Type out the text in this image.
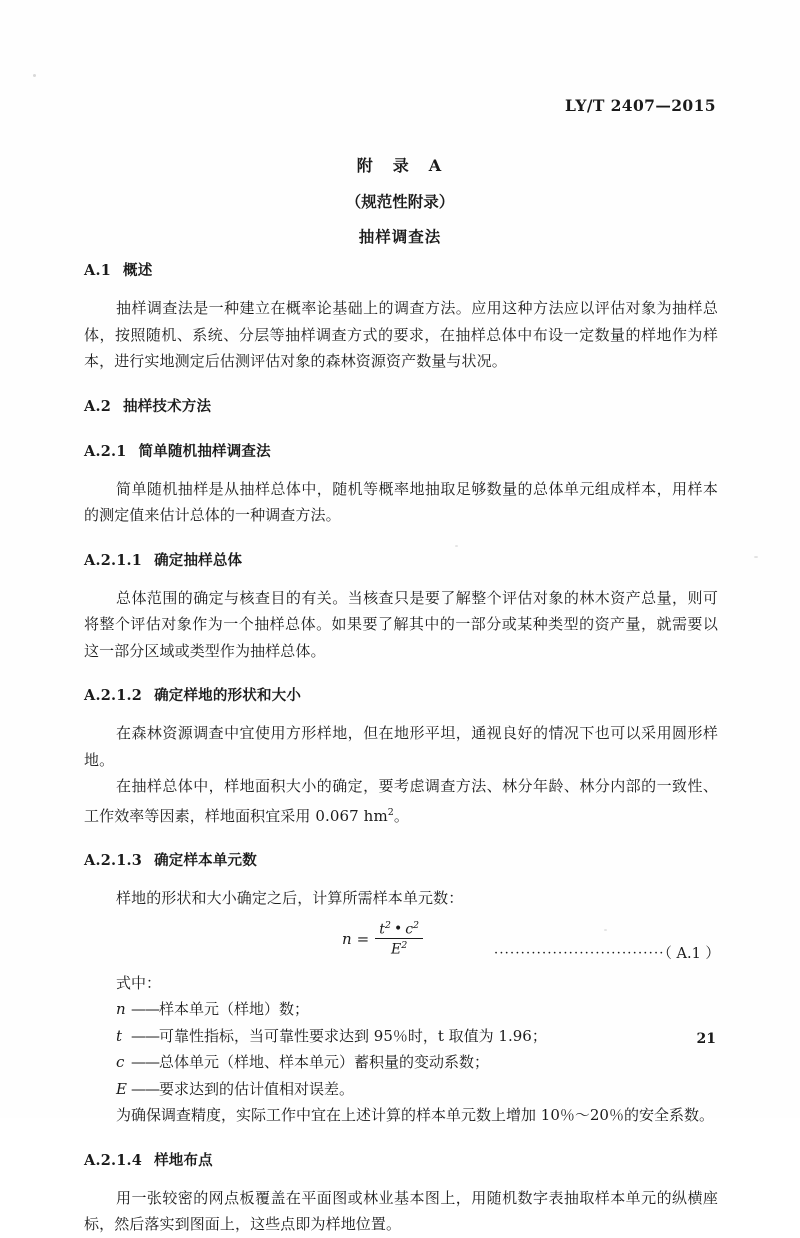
LY/T 2407—2015
附　录　A
（规范性附录）
抽样调查法
A.1 概述

抽样调查法是一种建立在概率论基础上的调查方法。应用这种方法应以评估对象为抽样总体，按照随机、系统、分层等抽样调查方式的要求，在抽样总体中布设一定数量的样地作为样本，进行实地测定后估测评估对象的森林资源资产数量与状况。

A.2 抽样技术方法
A.2.1 简单随机抽样调查法

简单随机抽样是从抽样总体中，随机等概率地抽取足够数量的总体单元组成样本，用样本的测定值来估计总体的一种调查方法。

A.2.1.1 确定抽样总体

总体范围的确定与核查目的有关。当核查只是要了解整个评估对象的林木资产总量，则可将整个评估对象作为一个抽样总体。如果要了解其中的一部分或某种类型的资产量，就需要以这一部分区域或类型作为抽样总体。

A.2.1.2 确定样地的形状和大小

在森林资源调查中宜使用方形样地，但在地形平坦，通视良好的情况下也可以采用圆形样地。

在抽样总体中，样地面积大小的确定，要考虑调查方法、林分年龄、林分内部的一致性、工作效率等因素，样地面积宜采用 0.067 $hm^2$。

A.2.1.3 确定样本单元数

样地的形状和大小确定之后，计算所需样本单元数：

$n = \frac{t^2 • c^2}{E^2}$	································（ A.1 ）
式中：
n ——样本单元（样地）数；
t ——可靠性指标，当可靠性要求达到 95％时，t 取值为 1.96；
c ——总体单元（样地、样本单元）蓄积量的变动系数；
E ——要求达到的估计值相对误差。
为确保调查精度，实际工作中宜在上述计算的样本单元数上增加 10％～20％的安全系数。
A.2.1.4 样地布点

用一张较密的网点板覆盖在平面图或林业基本图上，用随机数字表抽取样本单元的纵横座标，然后落实到图面上，这些点即为样地位置。

21
